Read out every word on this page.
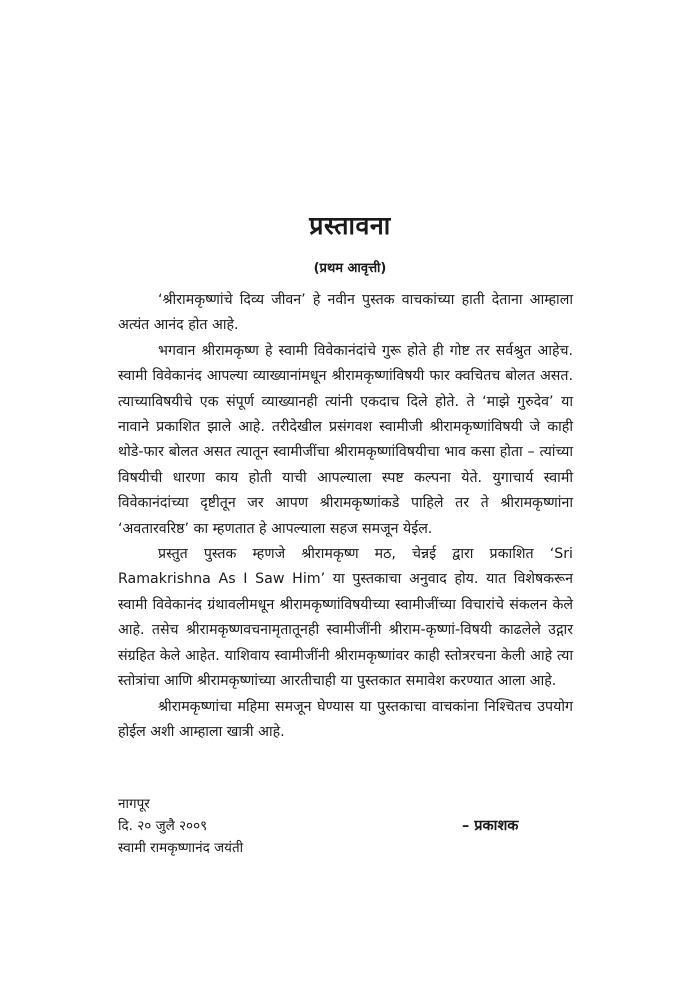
प्रस्तावना
(प्रथम आवृत्ती)

‘श्रीरामकृष्णांचे दिव्य जीवन’ हे नवीन पुस्तक वाचकांच्या हाती देताना आम्हाला अत्यंत आनंद होत आहे.

भगवान श्रीरामकृष्ण हे स्वामी विवेकानंदांचे गुरू होते ही गोष्ट तर सर्वश्रुत आहेच. स्वामी विवेकानंद आपल्या व्याख्यानांमधून श्रीरामकृष्णांविषयी फार क्वचितच बोलत असत. त्याच्याविषयीचे एक संपूर्ण व्याख्यानही त्यांनी एकदाच दिले होते. ते ‘माझे गुरुदेव’ या नावाने प्रकाशित झाले आहे. तरीदेखील प्रसंगवश स्वामीजी श्रीरामकृष्णांविषयी जे काही थोडे-फार बोलत असत त्यातून स्वामीजींचा श्रीरामकृष्णांविषयीचा भाव कसा होता – त्यांच्या विषयीची धारणा काय होती याची आपल्याला स्पष्ट कल्पना येते. युगाचार्य स्वामी विवेकानंदांच्या दृष्टीतून जर आपण श्रीरामकृष्णांकडे पाहिले तर ते श्रीरामकृष्णांना ‘अवतारवरिष्ठ’ का म्हणतात हे आपल्याला सहज समजून येईल.

प्रस्तुत पुस्तक म्हणजे श्रीरामकृष्ण मठ, चेन्नई द्वारा प्रकाशित ‘Sri Ramakrishna As I Saw Him’ या पुस्तकाचा अनुवाद होय. यात विशेषकरून स्वामी विवेकानंद ग्रंथावलीमधून श्रीरामकृष्णांविषयीच्या स्वामीजींच्या विचारांचे संकलन केले आहे. तसेच श्रीरामकृष्णवचनामृतातूनही स्वामीजींनी श्रीराम-कृष्णां-विषयी काढलेले उद्गार संग्रहित केले आहेत. याशिवाय स्वामीजींनी श्रीरामकृष्णांवर काही स्तोत्ररचना केली आहे त्या स्तोत्रांचा आणि श्रीरामकृष्णांच्या आरतीचाही या पुस्तकात समावेश करण्यात आला आहे.

श्रीरामकृष्णांचा महिमा समजून घेण्यास या पुस्तकाचा वाचकांना निश्चितच उपयोग होईल अशी आम्हाला खात्री आहे.

नागपूर
दि. २० जुलै २००९
स्वामी रामकृष्णानंद जयंती
– प्रकाशक
